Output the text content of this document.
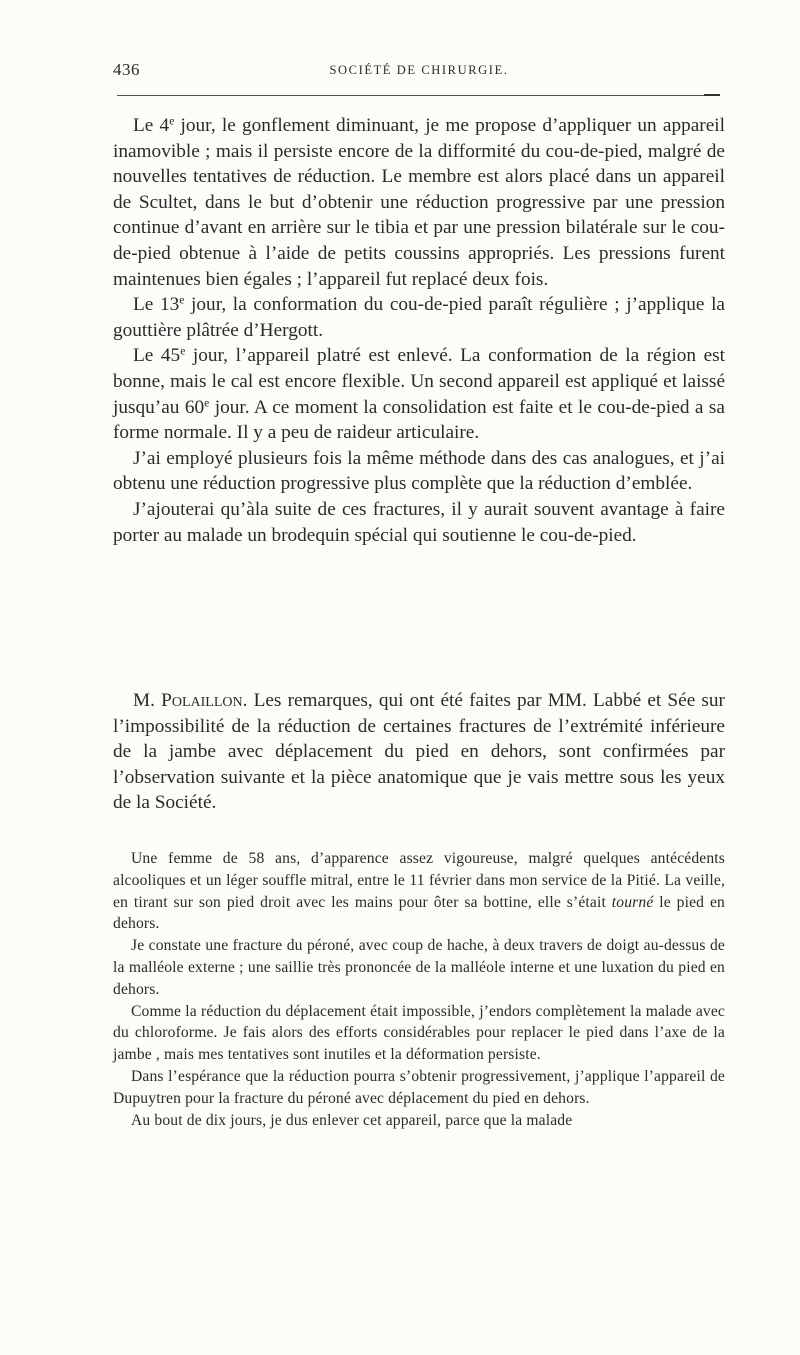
436	SOCIÉTÉ DE CHIRURGIE.

Le 4e jour, le gonflement diminuant, je me propose d’appliquer un appareil inamovible ; mais il persiste encore de la difformité du cou-de-pied, malgré de nouvelles tentatives de réduction. Le membre est alors placé dans un appareil de Scultet, dans le but d’obtenir une réduction progressive par une pression continue d’avant en arrière sur le tibia et par une pression bilatérale sur le cou-de-pied obtenue à l’aide de petits coussins appropriés. Les pressions furent maintenues bien égales ; l’appareil fut replacé deux fois.

Le 13e jour, la conformation du cou-de-pied paraît régulière ; j’applique la gouttière plâtrée d’Hergott.

Le 45e jour, l’appareil platré est enlevé. La conformation de la région est bonne, mais le cal est encore flexible. Un second appareil est appliqué et laissé jusqu’au 60e jour. A ce moment la consolidation est faite et le cou-de-pied a sa forme normale. Il y a peu de raideur articulaire.

J’ai employé plusieurs fois la même méthode dans des cas analogues, et j’ai obtenu une réduction progressive plus complète que la réduction d’emblée.

J’ajouterai qu’àla suite de ces fractures, il y aurait souvent avantage à faire porter au malade un brodequin spécial qui soutienne le cou-de-pied.

M. Polaillon. Les remarques, qui ont été faites par MM. Labbé et Sée sur l’impossibilité de la réduction de certaines fractures de l’extrémité inférieure de la jambe avec déplacement du pied en dehors, sont confirmées par l’observation suivante et la pièce anatomique que je vais mettre sous les yeux de la Société.

Une femme de 58 ans, d’apparence assez vigoureuse, malgré quelques antécédents alcooliques et un léger souffle mitral, entre le 11 février dans mon service de la Pitié. La veille, en tirant sur son pied droit avec les mains pour ôter sa bottine, elle s’était tourné le pied en dehors.

Je constate une fracture du péroné, avec coup de hache, à deux travers de doigt au-dessus de la malléole externe ; une saillie très prononcée de la malléole interne et une luxation du pied en dehors.

Comme la réduction du déplacement était impossible, j’endors complètement la malade avec du chloroforme. Je fais alors des efforts considérables pour replacer le pied dans l’axe de la jambe , mais mes tentatives sont inutiles et la déformation persiste.

Dans l’espérance que la réduction pourra s’obtenir progressivement, j’applique l’appareil de Dupuytren pour la fracture du péroné avec déplacement du pied en dehors.

Au bout de dix jours, je dus enlever cet appareil, parce que la malade
